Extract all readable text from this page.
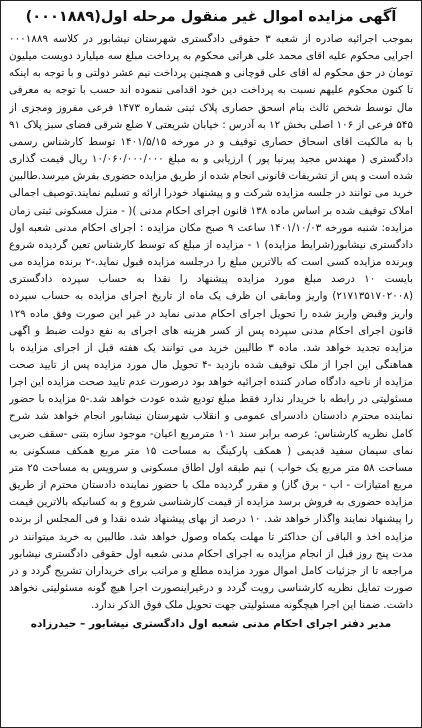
آگهی مزایده اموال غیر منقول مرحله اول(۰۰۰۱۸۸۹)

بموجب اجرائیه صادره از شعبه ۳ حقوقی دادگستری شهرستان نیشابور در کلاسه ۰۰۰۱۸۸۹ اجرایی محکوم علیه اقای محمد علی هراتی محکوم به پرداخت مبلغ سه میلیارد دویست میلیون تومان در حق محکوم له اقای علی قوچانی و همچنین پرداخت نیم عشر دولتی و با توجه به اینکه تا کنون محکوم علیهم نسبت به پرداخت دین خود اقدامی ننموده اند حسب با توجه به معرفی مال توسط شخص ثالث بنام اسحق حصاری پلاک ثبتی شماره ۱۴۷۳ فرعی مفروز ومجزی از ۵۴۵ فرعی از ۱۰۶ اصلی بخش ۱۲ به آدرس : خیابان شریعتی ۷ ضلع شرقی فضای سبز پلاک ۹۱ با به مالکیت اقای اسحاق حصاری توقیف و در مورخه ۱۴۰۱/۵/۱۵ توسط کارشناس رسمی دادگستری ( مهندس مجید پیرنیا پور ) ارزیابی و به مبلغ ۱۰/۰۶۰/۰۰۰/۰۰۰ ریال قیمت گذاری شده است و پس از تشریفات قانونی انجام شده از طریق مزایده حضوری بفرش میرسد.طالبین خرید می توانند در جلسه مزایده شرکت و و پیشنهاد خودرا ارائه و تسلیم نمایند.توصیف اجمالی املاک توقیف شده بر اساس ماده ۱۳۸ قانون اجرای احکام مدنی )( - منزل مسکونی ثبتی زمان مزایده: شنبه مورخه ۱۴۰۱/۱۰/۰۳ ساعت ۹ صبح مکان مزایده : اجرای احکام مدنی شعبه اول دادگستری نیشابور(شرایط مزایده) ۱ - مزایده از مبلغ که توسط کارشناس تعین گردیده شروع وبرنده مزایده کسی است که بالاترین مبلغ را درجلسه مزایده قبول نماید.-۲ برنده مزایده می بایست ۱۰ درصد مبلغ مورد مزایده پیشنهاد را نقدا به حساب سپرده دادگستری (۲۱۷۱۳۵۱۷۰۲۰۰۸) واریز ومابقی ان ظرف یک ماه از تاریخ اجرای مزایده به حساب سپرده واریز وقبض واریز شده را تحویل اجرای احکام مدنی نماید در غیر این صورت وفق ماده ۱۲۹ قانون اجرای احکام مدنی سپرده پس از کسر هزینه های اجرای به نفع دولت ضبط و اگهی مزایده تجدید خواهد شد. ماده ۳ طالبین خرید می توانند یک هفته قبل از اجرای مزایده با هماهنگی این اجرا از ملک توقیف شده بازدید -۴ تحویل مال مورد مزایده پس از تایید صحت مزایده از ناحیه دادگاه صادر کننده اجرائیه خواهد بود درصورت عدم تایید صحت مزایده این اجرا مسئولیتی در رابطه با خریدار ندارد فقط مبلغ تودیع شده عودت خواهد شد.-۵ مزایده با حضور نماینده محترم دادستان دادسرای عمومی و انقلاب شهرستان نیشابور انجام خواهد شد شرح کامل نظریه کارشناس: عرصه برابر سند ۱۰۱ مترمربع اعیان- موجود سازه بتنی -سقف ضربی نمای سیمان سفید قدیمی ( همکف پارکینگ به مساحت ۱۵ متر مربع همکف مسکونی به مساحت ۵۸ متر مربع یک خواب ) نیم طبقه اول اطاق مسکونی و سرویس به مساحت ۲۵ متر مربع امتیازات - اب - برق گاز) و مقرر گردیده ملک با حضور نماینده دادستان محترم از طریق مزایده حضوری به فروش برسد مزایده از قیمت کارشناسی شروع و به کسانیکه بالاترین قیمت را پیشنهاد نمایند واگذار خواهد شد. ۱۰ درصد از بهای پیشنهاد شده نقدا و فی المجلس از برنده مزایده اخذ و الباقی آن حداکثر تا مهلت یکماه وصول خواهد شد. طالبین به خرید میتوانند در مدت پنج روز قبل از انجام مزایده به اجرای احکام مدنی شعبه اول حقوقی دادگستری نیشابور مراجعه تا از جزئیات کامل اموال مورد مزایده مطلع و مراتب برای خریداران تشریح گردد و در صورت تمایل نظریه کارشناسی رویت گردد و درغیراینصورت اجرا هیچ گونه مسئولیتی نخواهد داشت. ضمنا این اجرا هیچگونه مسئولیتی جهت تحویل ملک فوق الذکر ندارد.

مدیر دفتر اجرای احکام مدنی شعبه اول دادگستری نیشابور – حیدرزاده
